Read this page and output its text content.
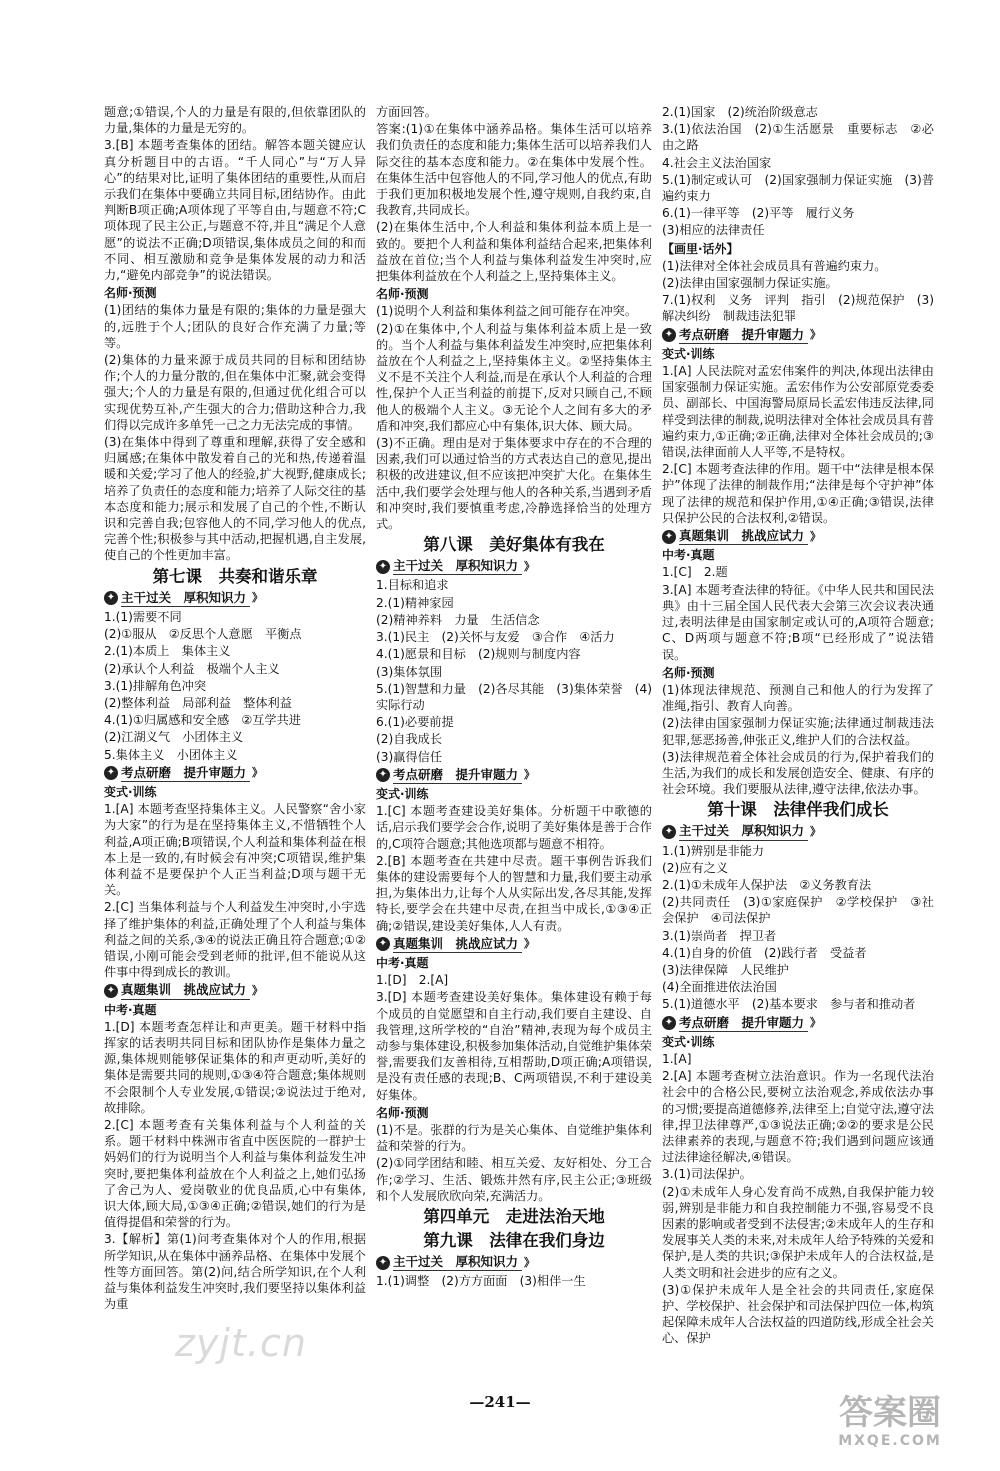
题意;①错误,个人的力量是有限的,但依靠团队的力量,集体的力量是无穷的。
3.[B] 本题考查集体的团结。解答本题关键应认真分析题目中的古语。“千人同心”与“万人异心”的结果对比,证明了集体团结的重要性,从而启示我们在集体中要确立共同目标,团结协作。由此判断B项正确;A项体现了平等自由,与题意不符;C项体现了民主公正,与题意不符,并且“满足个人意愿”的说法不正确;D项错误,集体成员之间的和而不同、相互激励和竞争是集体发展的动力和活力,“避免内部竞争”的说法错误。
名师·预测
(1)团结的集体力量是有限的;集体的力量是强大的,远胜于个人;团队的良好合作充满了力量;等等。
(2)集体的力量来源于成员共同的目标和团结协作;个人的力量分散的,但在集体中汇聚,就会变得强大;个人的力量是有限的,但通过优化组合可以实现优势互补,产生强大的合力;借助这种合力,我们得以完成许多单凭一己之力无法完成的事情。
(3)在集体中得到了尊重和理解,获得了安全感和归属感;在集体中散发着自己的光和热,传递着温暖和关爱;学习了他人的经验,扩大视野,健康成长;培养了负责任的态度和能力;培养了人际交往的基本态度和能力;展示和发展了自己的个性,不断认识和完善自我;包容他人的不同,学习他人的优点,完善个性;积极参与其中活动,把握机遇,自主发展,使自己的个性更加丰富。
第七课　共奏和谐乐章
✦ 主干过关　厚积知识力 》
1.(1)需要不同
(2)①服从　②反思个人意愿　平衡点
2.(1)本质上　集体主义
(2)承认个人利益　极端个人主义
3.(1)排解角色冲突
(2)整体利益　局部利益　整体利益
4.(1)①归属感和安全感　②互学共进
(2)江湖义气　小团体主义
5.集体主义　小团体主义
✦ 考点研磨　提升审题力 》
变式·训练
1.[A] 本题考查坚持集体主义。人民警察“舍小家为大家”的行为是在坚持集体主义,不惜牺牲个人利益,A项正确;B项错误,个人利益和集体利益在根本上是一致的,有时候会有冲突;C项错误,维护集体利益不是要保护个人正当利益;D项与题干无关。
2.[C] 当集体利益与个人利益发生冲突时,小宇选择了维护集体的利益,正确处理了个人利益与集体利益之间的关系,③④的说法正确且符合题意;①②错误,小刚可能会受到老师的批评,但不能说从这件事中得到成长的教训。
✦ 真题集训　挑战应试力 》
中考·真题
1.[D] 本题考查怎样让和声更美。题干材料中指挥家的话表明共同目标和团队协作是集体力量之源,集体规则能够保证集体的和声更动听,美好的集体是需要共同的规则,①③④符合题意;集体规则不会限制个人专业发展,①错误;②说法过于绝对,故排除。
2.[C] 本题考查有关集体利益与个人利益的关系。题干材料中株洲市省直中医医院的一群护士妈妈们的行为说明当个人利益与集体利益发生冲突时,要把集体利益放在个人利益之上,她们弘扬了舍己为人、爱岗敬业的优良品质,心中有集体,识大体,顾大局,①③④正确;②错误,她们的行为是值得提倡和荣誉的行为。
3.【解析】第(1)问考查集体对个人的作用,根据所学知识,从在集体中涵养品格、在集体中发展个性等方面回答。第(2)问,结合所学知识,在个人利益与集体利益发生冲突时,我们要坚持以集体利益为重
方面回答。
答案:(1)①在集体中涵养品格。集体生活可以培养我们负责任的态度和能力;集体生活可以培养我们人际交往的基本态度和能力。②在集体中发展个性。在集体生活中包容他人的不同,学习他人的优点,有助于我们更加积极地发展个性,遵守规则,自我约束,自我教育,共同成长。
(2)在集体生活中,个人利益和集体利益本质上是一致的。要把个人利益和集体利益结合起来,把集体利益放在首位;当个人利益与集体利益发生冲突时,应把集体利益放在个人利益之上,坚持集体主义。
名师·预测
(1)说明个人利益和集体利益之间可能存在冲突。
(2)①在集体中,个人利益与集体利益本质上是一致的。当个人利益与集体利益发生冲突时,应把集体利益放在个人利益之上,坚持集体主义。②坚持集体主义不是不关注个人利益,而是在承认个人利益的合理性,保护个人正当利益的前提下,反对只顾自己,不顾他人的极端个人主义。③无论个人之间有多大的矛盾和冲突,我们都应心中有集体,识大体、顾大局。
(3)不正确。理由是对于集体要求中存在的不合理的因素,我们可以通过恰当的方式表达自己的意见,提出积极的改进建议,但不应该把冲突扩大化。在集体生活中,我们要学会处理与他人的各种关系,当遇到矛盾和冲突时,我们要慎重考虑,冷静选择恰当的处理方式。
第八课　美好集体有我在
✦ 主干过关　厚积知识力 》
1.目标和追求
2.(1)精神家园
(2)精神养料　力量　生活信念
3.(1)民主　(2)关怀与友爱　③合作　④活力
4.(1)愿景和目标　(2)规则与制度内容
(3)集体氛围
5.(1)智慧和力量　(2)各尽其能　(3)集体荣誉　(4)实际行动
6.(1)必要前提
(2)自我成长
(3)赢得信任
✦ 考点研磨　提升审题力 》
变式·训练
1.[C] 本题考查建设美好集体。分析题干中歌德的话,启示我们要学会合作,说明了美好集体是善于合作的,C项符合题意;其他选项都与题意不相符。
2.[B] 本题考查在共建中尽责。题干事例告诉我们集体的建设需要每个人的智慧和力量,我们要主动承担,为集体出力,让每个人从实际出发,各尽其能,发挥特长,要学会在共建中尽责,在担当中成长,①③④正确;②错误,建设美好集体,人人有责。
✦ 真题集训　挑战应试力 》
中考·真题
1.[D]　2.[A]
3.[D] 本题考查建设美好集体。集体建设有赖于每个成员的自觉愿望和自主行动,我们要自主建设、自我管理,这所学校的“自治”精神,表现为每个成员主动参与集体建设,积极参加集体活动,自觉维护集体荣誉,需要我们友善相待,互相帮助,D项正确;A项错误,是没有责任感的表现;B、C两项错误,不利于建设美好集体。
名师·预测
(1)不是。张群的行为是关心集体、自觉维护集体利益和荣誉的行为。
(2)①同学团结和睦、相互关爱、友好相处、分工合作;②学习、生活、锻炼井然有序,民主公正;③班级和个人发展欣欣向荣,充满活力。
第四单元　走进法治天地
第九课　法律在我们身边
✦ 主干过关　厚积知识力 》
1.(1)调整　(2)方方面面　(3)相伴一生
2.(1)国家　(2)统治阶级意志
3.(1)依法治国　(2)①生活愿景　重要标志　②必由之路
4.社会主义法治国家
5.(1)制定或认可　(2)国家强制力保证实施　(3)普遍约束力
6.(1)一律平等　(2)平等　履行义务
(3)相应的法律责任
【画里·话外】
(1)法律对全体社会成员具有普遍约束力。
(2)法律由国家强制力保证实施。
7.(1)权利　义务　评判　指引　(2)规范保护　(3)解决纠纷　制裁违法犯罪
✦ 考点研磨　提升审题力 》
变式·训练
1.[A] 人民法院对孟宏伟案件的判决,体现出法律由国家强制力保证实施。孟宏伟作为公安部原党委委员、副部长、中国海警局原局长孟宏伟违反法律,同样受到法律的制裁,说明法律对全体社会成员具有普遍约束力,①正确;②正确,法律对全体社会成员的;③错误,法律面前人人平等,不是特权。
2.[C] 本题考查法律的作用。题干中“法律是根本保护”体现了法律的制裁作用;“法律是每个守护神”体现了法律的规范和保护作用,①④正确;③错误,法律只保护公民的合法权利,②错误。
✦ 真题集训　挑战应试力 》
中考·真题
1.[C]　2.题
3.[A] 本题考查法律的特征。《中华人民共和国民法典》由十三届全国人民代表大会第三次会议表决通过,表明法律是由国家制定或认可的,A项符合题意;C、D两项与题意不符;B项“已经形成了”说法错误。
名师·预测
(1)体现法律规范、预测自己和他人的行为发挥了准绳,指引、教育人向善。
(2)法律由国家强制力保证实施;法律通过制裁违法犯罪,惩恶扬善,伸张正义,维护人们的合法权益。
(3)法律规范着全体社会成员的行为,保护着我们的生活,为我们的成长和发展创造安全、健康、有序的社会环境。我们要服从法律,遵守法律,依法办事。
第十课　法律伴我们成长
✦ 主干过关　厚积知识力 》
1.(1)辨别是非能力
(2)应有之义
2.(1)①未成年人保护法　②义务教育法
(2)共同责任　(3)①家庭保护　②学校保护　③社会保护　④司法保护
3.(1)崇尚者　捍卫者
4.(1)自身的价值　(2)践行者　受益者
(3)法律保障　人民维护
(4)全面推进依法治国
5.(1)道德水平　(2)基本要求　参与者和推动者
✦ 考点研磨　提升审题力 》
变式·训练
1.[A]
2.[A] 本题考查树立法治意识。作为一名现代法治社会中的合格公民,要树立法治观念,养成依法办事的习惯;要提高道德修养,法律至上;自觉守法,遵守法律,捍卫法律尊严,①③说法正确;②②的要求是公民法律素养的表现,与题意不符;我们遇到问题应该通过法律途径解决,④错误。
3.(1)司法保护。
(2)①未成年人身心发育尚不成熟,自我保护能力较弱,辨别是非能力和自我控制能力不强,容易受不良因素的影响或者受到不法侵害;②未成年人的生存和发展事关人类的未来,对未成年人给予特殊的关爱和保护,是人类的共识;③保护未成年人的合法权益,是人类文明和社会进步的应有之义。
(3)①保护未成年人是全社会的共同责任,家庭保护、学校保护、社会保护和司法保护四位一体,构筑起保障未成年人合法权益的四道防线,形成全社会关心、保护
—241—
zyjt.cn
答案圈
MXQE.COM
